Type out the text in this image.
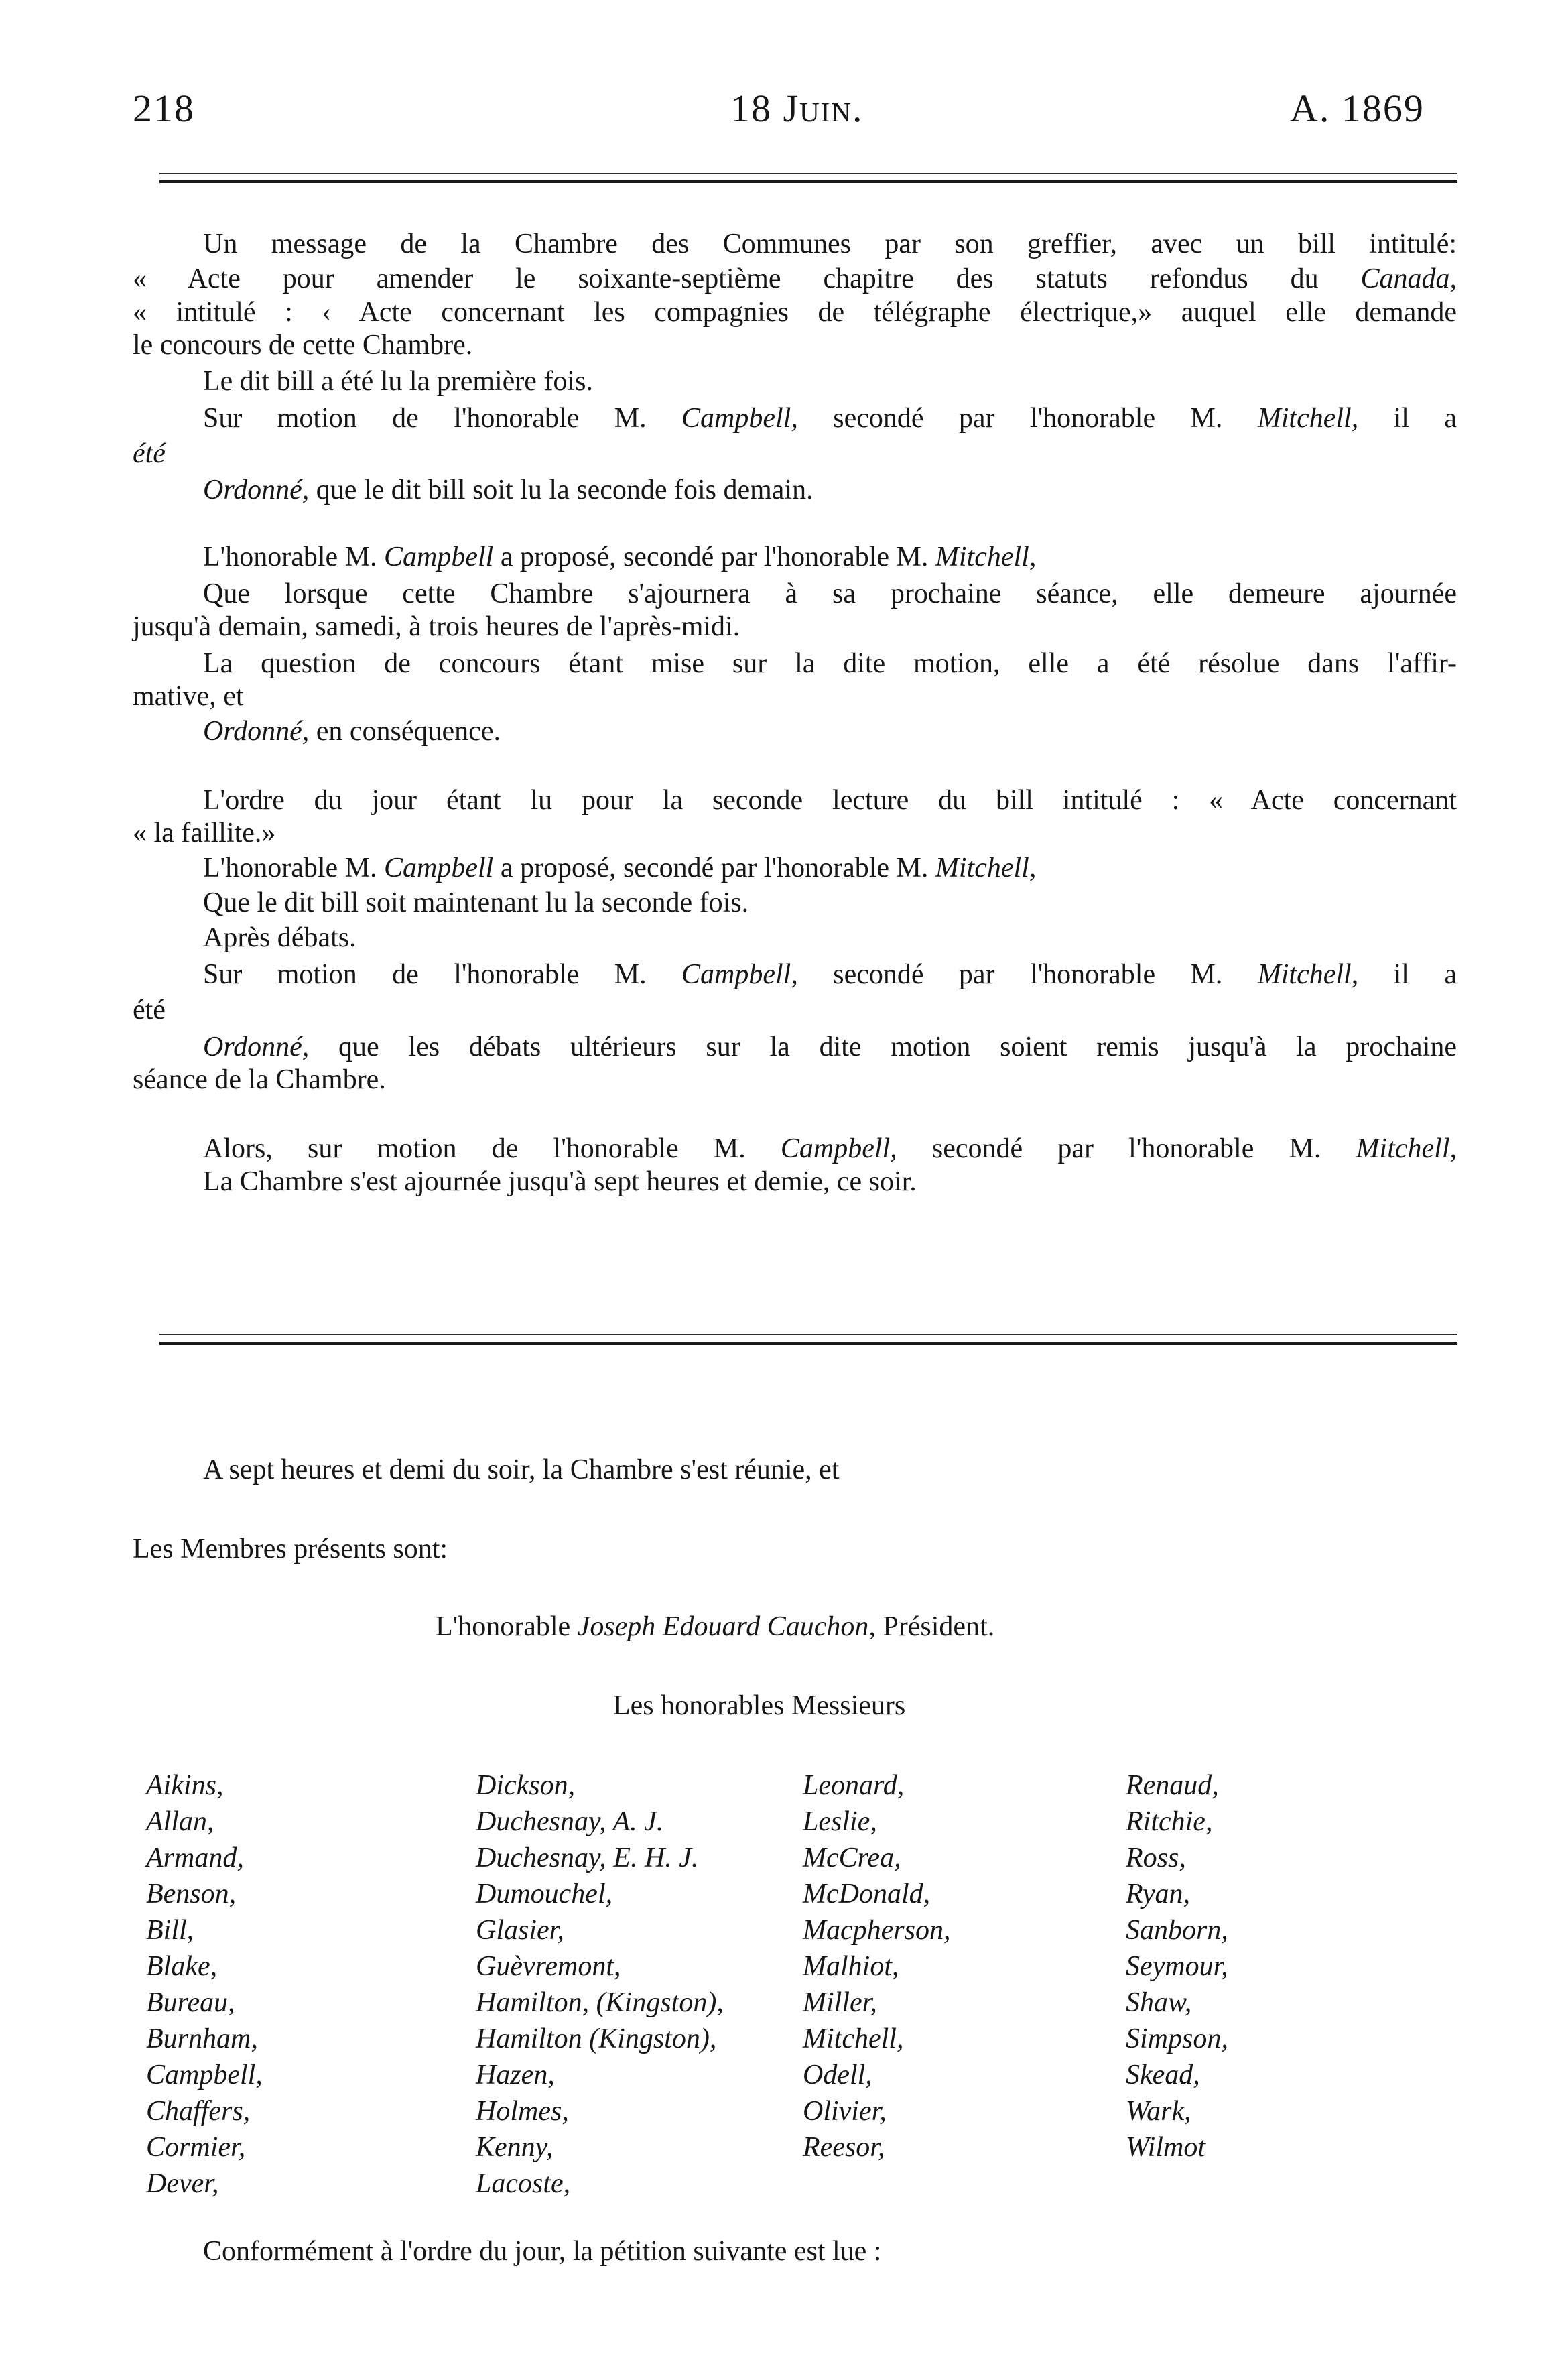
218	18 Juin.	A. 1869
Un message de la Chambre des Communes par son greffier, avec un bill intitulé:
« Acte pour amender le soixante-septième chapitre des statuts refondus du Canada,
« intitulé : ‹ Acte concernant les compagnies de télégraphe électrique,» auquel elle demande
le concours de cette Chambre.
Le dit bill a été lu la première fois.
Sur motion de l'honorable M. Campbell, secondé par l'honorable M. Mitchell, il a
été
Ordonné, que le dit bill soit lu la seconde fois demain.
L'honorable M. Campbell a proposé, secondé par l'honorable M. Mitchell,
Que lorsque cette Chambre s'ajournera à sa prochaine séance, elle demeure ajournée
jusqu'à demain, samedi, à trois heures de l'après-midi.
La question de concours étant mise sur la dite motion, elle a été résolue dans l'affir-
mative, et
Ordonné, en conséquence.
L'ordre du jour étant lu pour la seconde lecture du bill intitulé : « Acte concernant
« la faillite.»
L'honorable M. Campbell a proposé, secondé par l'honorable M. Mitchell,
Que le dit bill soit maintenant lu la seconde fois.
Après débats.
Sur motion de l'honorable M. Campbell, secondé par l'honorable M. Mitchell, il a
été
Ordonné, que les débats ultérieurs sur la dite motion soient remis jusqu'à la prochaine
séance de la Chambre.
Alors, sur motion de l'honorable M. Campbell, secondé par l'honorable M. Mitchell,
La Chambre s'est ajournée jusqu'à sept heures et demie, ce soir.
A sept heures et demi du soir, la Chambre s'est réunie, et
Les Membres présents sont:
L'honorable Joseph Edouard Cauchon, Président.
Les honorables Messieurs
Aikins,
Allan,
Armand,
Benson,
Bill,
Blake,
Bureau,
Burnham,
Campbell,
Chaffers,
Cormier,
Dever,
Dickson,
Duchesnay, A. J.
Duchesnay, E. H. J.
Dumouchel,
Glasier,
Guèvremont,
Hamilton, (Kingston),
Hamilton (Kingston),
Hazen,
Holmes,
Kenny,
Lacoste,
Leonard,
Leslie,
McCrea,
McDonald,
Macpherson,
Malhiot,
Miller,
Mitchell,
Odell,
Olivier,
Reesor,
Renaud,
Ritchie,
Ross,
Ryan,
Sanborn,
Seymour,
Shaw,
Simpson,
Skead,
Wark,
Wilmot
Conformément à l'ordre du jour, la pétition suivante est lue :
